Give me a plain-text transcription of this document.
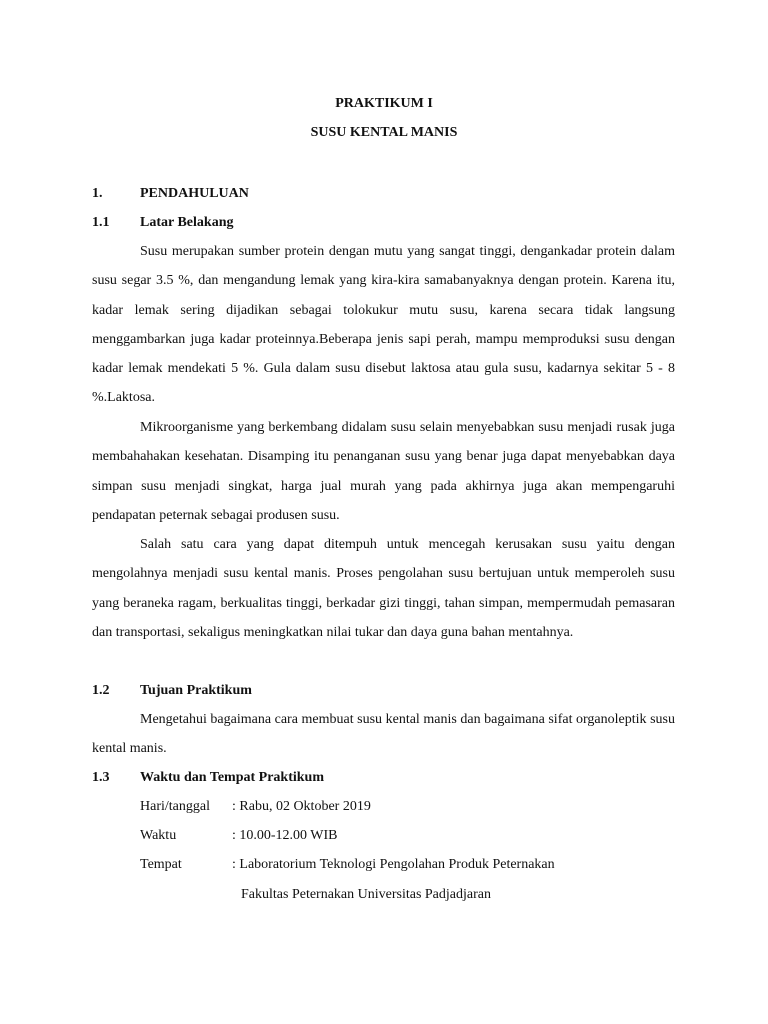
PRAKTIKUM I
SUSU KENTAL MANIS
1.	PENDAHULUAN
1.1 Latar Belakang

Susu merupakan sumber protein dengan mutu yang sangat tinggi, dengankadar protein dalam susu segar 3.5 %, dan mengandung lemak yang kira-kira samabanyaknya dengan protein. Karena itu, kadar lemak sering dijadikan sebagai tolokukur mutu susu, karena secara tidak langsung menggambarkan juga kadar proteinnya.Beberapa jenis sapi perah, mampu memproduksi susu dengan kadar lemak mendekati 5 %. Gula dalam susu disebut laktosa atau gula susu, kadarnya sekitar 5 - 8 %.Laktosa.

Mikroorganisme yang berkembang didalam susu selain menyebabkan susu menjadi rusak juga membahahakan kesehatan. Disamping itu penanganan susu yang benar juga dapat menyebabkan daya simpan susu menjadi singkat, harga jual murah yang pada akhirnya juga akan mempengaruhi pendapatan peternak sebagai produsen susu.

Salah satu cara yang dapat ditempuh untuk mencegah kerusakan susu yaitu dengan mengolahnya menjadi susu kental manis. Proses pengolahan susu bertujuan untuk memperoleh susu yang beraneka ragam, berkualitas tinggi, berkadar gizi tinggi, tahan simpan, mempermudah pemasaran dan transportasi, sekaligus meningkatkan nilai tukar dan daya guna bahan mentahnya.

1.2 Tujuan Praktikum

Mengetahui bagaimana cara membuat susu kental manis dan bagaimana sifat organoleptik susu kental manis.

1.3 Waktu dan Tempat Praktikum
Hari/tanggal : Rabu, 02 Oktober 2019
Waktu	: 10.00-12.00 WIB
Tempat	: Laboratorium Teknologi Pengolahan Produk Peternakan
Fakultas Peternakan Universitas Padjadjaran
